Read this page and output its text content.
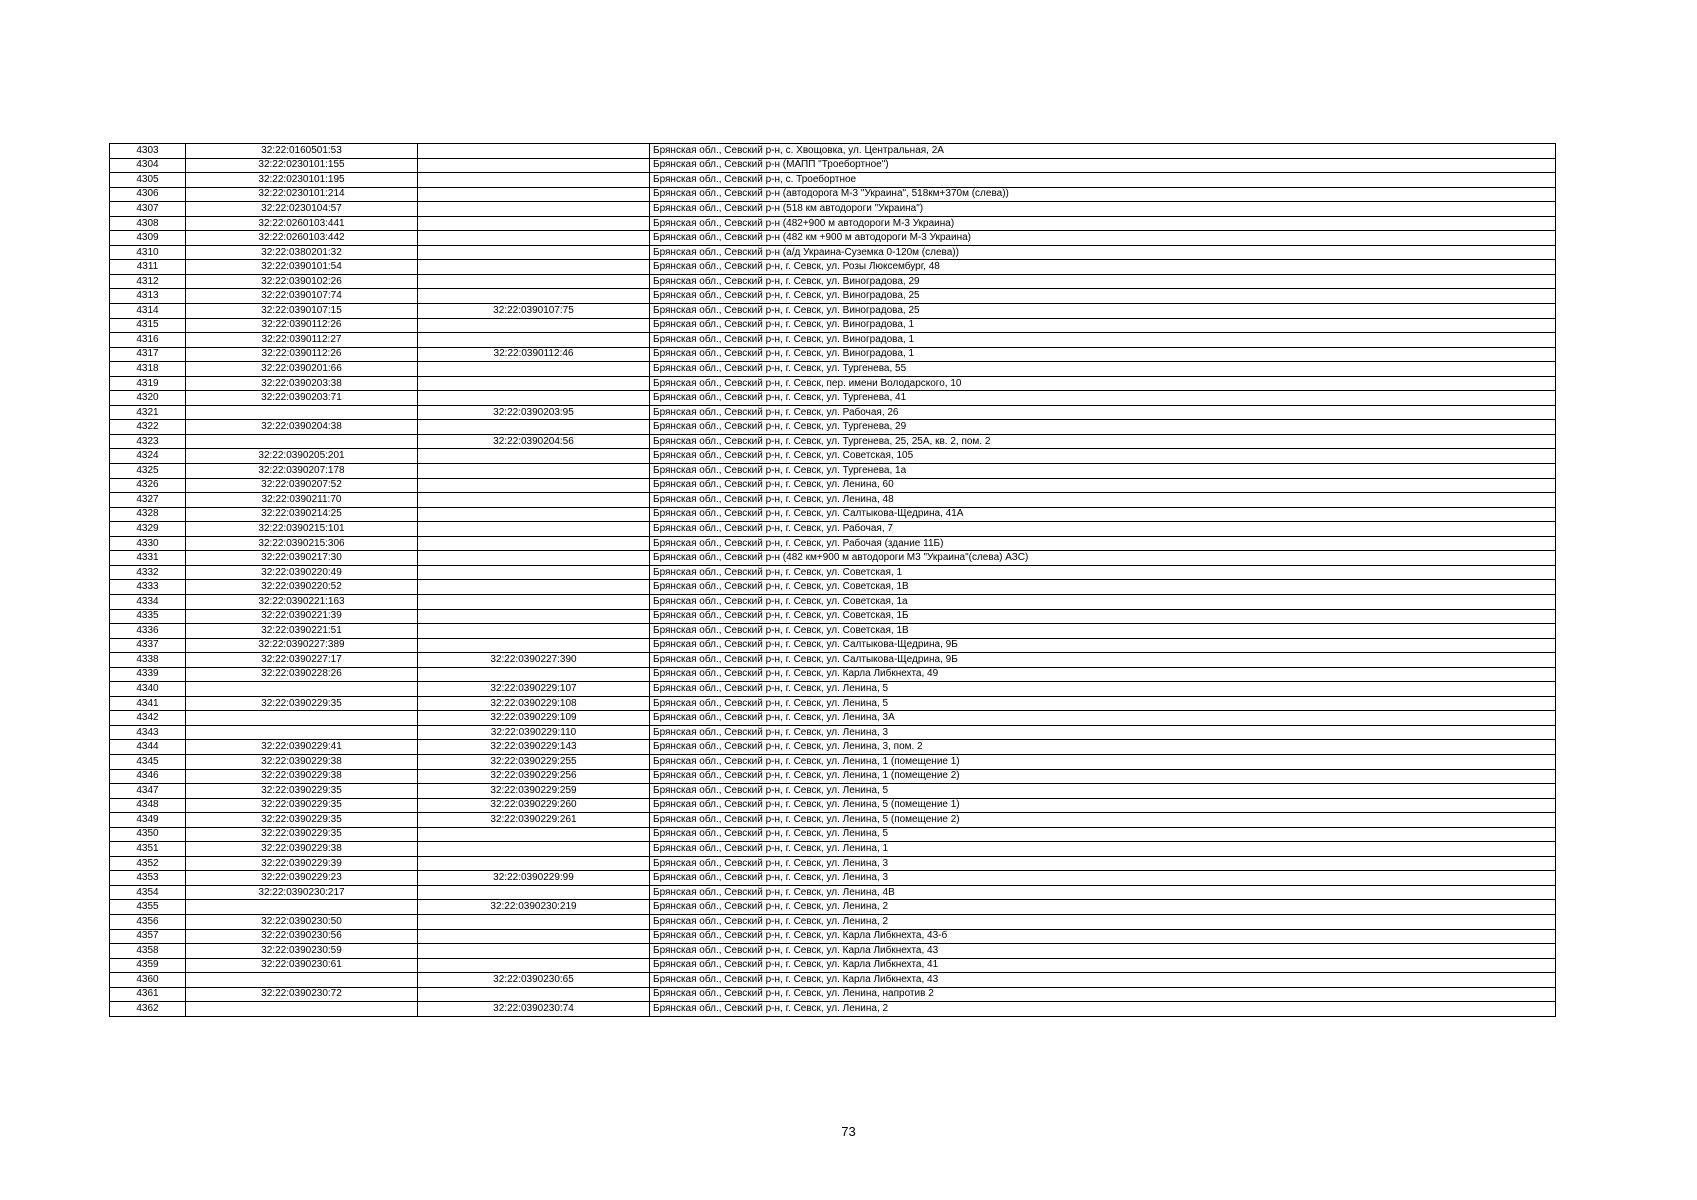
4303	32:22:0160501:53		Брянская обл., Севский р-н, с. Хвощовка, ул. Центральная, 2А
4304	32:22:0230101:155		Брянская обл., Севский р-н (МАПП "Троебортное")
4305	32:22:0230101:195		Брянская обл., Севский р-н, с. Троебортное
4306	32:22:0230101:214		Брянская обл., Севский р-н (автодорога М-3 "Украина", 518км+370м (слева))
4307	32:22:0230104:57		Брянская обл., Севский р-н (518 км автодороги "Украина")
4308	32:22:0260103:441		Брянская обл., Севский р-н (482+900 м автодороги М-3 Украина)
4309	32:22:0260103:442		Брянская обл., Севский р-н (482 км +900 м автодороги М-3 Украина)
4310	32:22:0380201:32		Брянская обл., Севский р-н (а/д Украина-Суземка 0-120м (слева))
4311	32:22:0390101:54		Брянская обл., Севский р-н, г. Севск, ул. Розы Люксембург, 48
4312	32:22:0390102:26		Брянская обл., Севский р-н, г. Севск, ул. Виноградова, 29
4313	32:22:0390107:74		Брянская обл., Севский р-н, г. Севск, ул. Виноградова, 25
4314	32:22:0390107:15	32:22:0390107:75	Брянская обл., Севский р-н, г. Севск, ул. Виноградова, 25
4315	32:22:0390112:26		Брянская обл., Севский р-н, г. Севск, ул. Виноградова, 1
4316	32:22:0390112:27		Брянская обл., Севский р-н, г. Севск, ул. Виноградова, 1
4317	32:22:0390112:26	32:22:0390112:46	Брянская обл., Севский р-н, г. Севск, ул. Виноградова, 1
4318	32:22:0390201:66		Брянская обл., Севский р-н, г. Севск, ул. Тургенева, 55
4319	32:22:0390203:38		Брянская обл., Севский р-н, г. Севск, пер. имени Володарского, 10
4320	32:22:0390203:71		Брянская обл., Севский р-н, г. Севск, ул. Тургенева, 41
4321		32:22:0390203:95	Брянская обл., Севский р-н, г. Севск, ул. Рабочая, 26
4322	32:22:0390204:38		Брянская обл., Севский р-н, г. Севск, ул. Тургенева, 29
4323		32:22:0390204:56	Брянская обл., Севский р-н, г. Севск, ул. Тургенева, 25, 25А, кв. 2, пом. 2
4324	32:22:0390205:201		Брянская обл., Севский р-н, г. Севск, ул. Советская, 105
4325	32:22:0390207:178		Брянская обл., Севский р-н, г. Севск, ул. Тургенева, 1а
4326	32:22:0390207:52		Брянская обл., Севский р-н, г. Севск, ул. Ленина, 60
4327	32:22:0390211:70		Брянская обл., Севский р-н, г. Севск, ул. Ленина, 48
4328	32:22:0390214:25		Брянская обл., Севский р-н, г. Севск, ул. Салтыкова-Щедрина, 41А
4329	32:22:0390215:101		Брянская обл., Севский р-н, г. Севск, ул. Рабочая, 7
4330	32:22:0390215:306		Брянская обл., Севский р-н, г. Севск, ул. Рабочая (здание 11Б)
4331	32:22:0390217:30		Брянская обл., Севский р-н (482 км+900 м автодороги М3 "Украина"(слева) АЗС)
4332	32:22:0390220:49		Брянская обл., Севский р-н, г. Севск, ул. Советская, 1
4333	32:22:0390220:52		Брянская обл., Севский р-н, г. Севск, ул. Советская, 1В
4334	32:22:0390221:163		Брянская обл., Севский р-н, г. Севск, ул. Советская, 1а
4335	32:22:0390221:39		Брянская обл., Севский р-н, г. Севск, ул. Советская, 1Б
4336	32:22:0390221:51		Брянская обл., Севский р-н, г. Севск, ул. Советская, 1В
4337	32:22:0390227:389		Брянская обл., Севский р-н, г. Севск, ул. Салтыкова-Щедрина, 9Б
4338	32:22:0390227:17	32:22:0390227:390	Брянская обл., Севский р-н, г. Севск, ул. Салтыкова-Щедрина, 9Б
4339	32:22:0390228:26		Брянская обл., Севский р-н, г. Севск, ул. Карла Либкнехта, 49
4340		32:22:0390229:107	Брянская обл., Севский р-н, г. Севск, ул. Ленина, 5
4341	32:22:0390229:35	32:22:0390229:108	Брянская обл., Севский р-н, г. Севск, ул. Ленина, 5
4342		32:22:0390229:109	Брянская обл., Севский р-н, г. Севск, ул. Ленина, 3А
4343		32:22:0390229:110	Брянская обл., Севский р-н, г. Севск, ул. Ленина, 3
4344	32:22:0390229:41	32:22:0390229:143	Брянская обл., Севский р-н, г. Севск, ул. Ленина, 3, пом. 2
4345	32:22:0390229:38	32:22:0390229:255	Брянская обл., Севский р-н, г. Севск, ул. Ленина, 1 (помещение 1)
4346	32:22:0390229:38	32:22:0390229:256	Брянская обл., Севский р-н, г. Севск, ул. Ленина, 1 (помещение 2)
4347	32:22:0390229:35	32:22:0390229:259	Брянская обл., Севский р-н, г. Севск, ул. Ленина, 5
4348	32:22:0390229:35	32:22:0390229:260	Брянская обл., Севский р-н, г. Севск, ул. Ленина, 5 (помещение 1)
4349	32:22:0390229:35	32:22:0390229:261	Брянская обл., Севский р-н, г. Севск, ул. Ленина, 5 (помещение 2)
4350	32:22:0390229:35		Брянская обл., Севский р-н, г. Севск, ул. Ленина, 5
4351	32:22:0390229:38		Брянская обл., Севский р-н, г. Севск, ул. Ленина, 1
4352	32:22:0390229:39		Брянская обл., Севский р-н, г. Севск, ул. Ленина, 3
4353	32:22:0390229:23	32:22:0390229:99	Брянская обл., Севский р-н, г. Севск, ул. Ленина, 3
4354	32:22:0390230:217		Брянская обл., Севский р-н, г. Севск, ул. Ленина, 4В
4355		32:22:0390230:219	Брянская обл., Севский р-н, г. Севск, ул. Ленина, 2
4356	32:22:0390230:50		Брянская обл., Севский р-н, г. Севск, ул. Ленина, 2
4357	32:22:0390230:56		Брянская обл., Севский р-н, г. Севск, ул. Карла Либкнехта, 43-б
4358	32:22:0390230:59		Брянская обл., Севский р-н, г. Севск, ул. Карла Либкнехта, 43
4359	32:22:0390230:61		Брянская обл., Севский р-н, г. Севск, ул. Карла Либкнехта, 41
4360		32:22:0390230:65	Брянская обл., Севский р-н, г. Севск, ул. Карла Либкнехта, 43
4361	32:22:0390230:72		Брянская обл., Севский р-н, г. Севск, ул. Ленина, напротив 2
4362		32:22:0390230:74	Брянская обл., Севский р-н, г. Севск, ул. Ленина, 2
73
